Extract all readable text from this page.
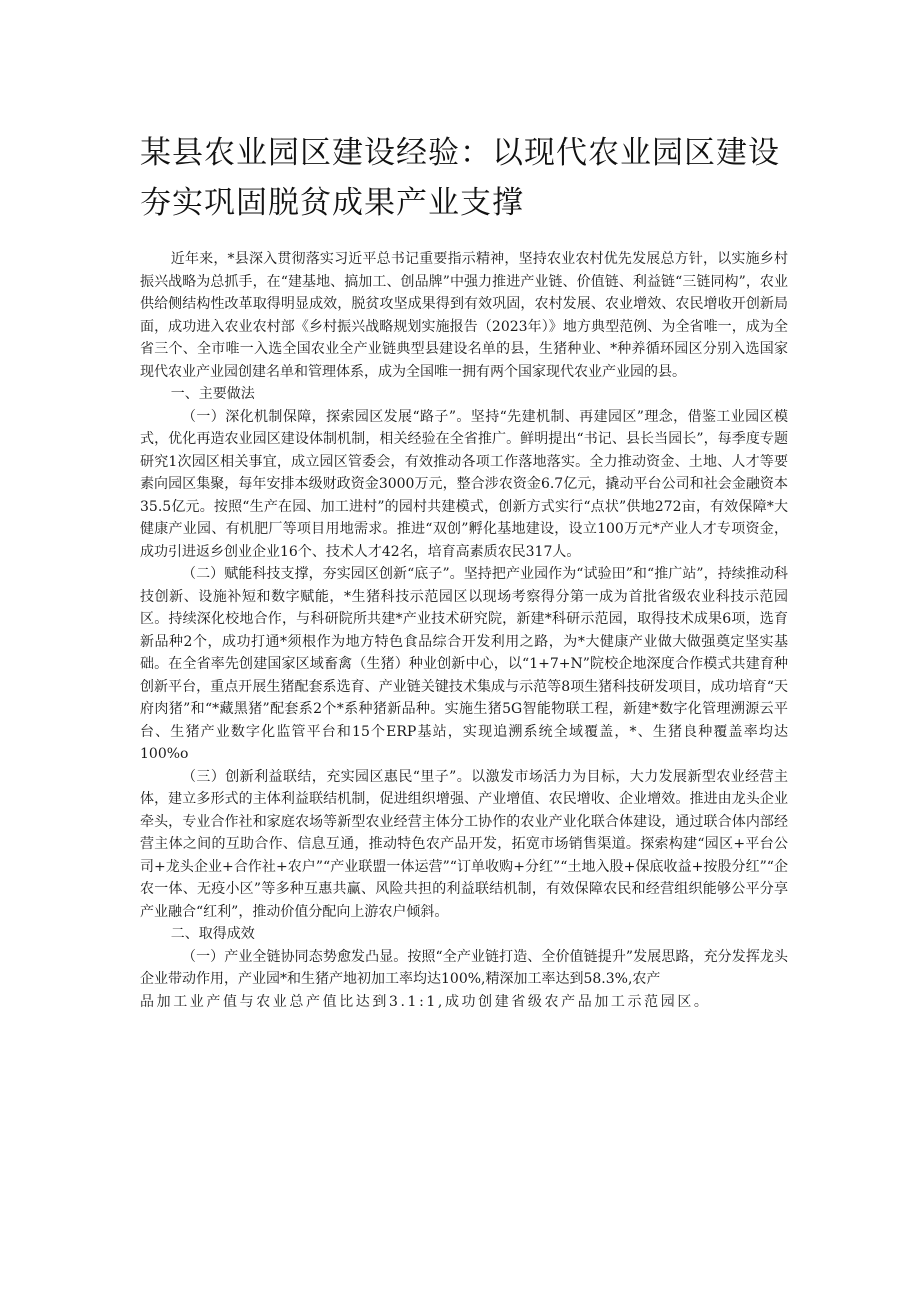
某县农业园区建设经验：以现代农业园区建设夯实巩固脱贫成果产业支撑

近年来，*县深入贯彻落实习近平总书记重要指示精神，坚持农业农村优先发展总方针，以实施乡村振兴战略为总抓手，在“建基地、搞加工、创品牌”中强力推进产业链、价值链、利益链“三链同构”，农业供给侧结构性改革取得明显成效，脱贫攻坚成果得到有效巩固，农村发展、农业增效、农民增收开创新局面，成功进入农业农村部《乡村振兴战略规划实施报告（2023年）》地方典型范例、为全省唯一，成为全省三个、全市唯一入选全国农业全产业链典型县建设名单的县，生猪种业、*种养循环园区分别入选国家现代农业产业园创建名单和管理体系，成为全国唯一拥有两个国家现代农业产业园的县。

一、主要做法

（一）深化机制保障，探索园区发展“路子”。坚持“先建机制、再建园区”理念，借鉴工业园区模式，优化再造农业园区建设体制机制，相关经验在全省推广。鲜明提出“书记、县长当园长”，每季度专题研究1次园区相关事宜，成立园区管委会，有效推动各项工作落地落实。全力推动资金、土地、人才等要素向园区集聚，每年安排本级财政资金3000万元，整合涉农资金6.7亿元，撬动平台公司和社会金融资本35.5亿元。按照“生产在园、加工进村”的园村共建模式，创新方式实行“点状”供地272亩，有效保障*大健康产业园、有机肥厂等项目用地需求。推进“双创”孵化基地建设，设立100万元*产业人才专项资金，成功引进返乡创业企业16个、技术人才42名，培育高素质农民317人。

（二）赋能科技支撑，夯实园区创新“底子”。坚持把产业园作为“试验田”和“推广站”，持续推动科技创新、设施补短和数字赋能，*生猪科技示范园区以现场考察得分第一成为首批省级农业科技示范园区。持续深化校地合作，与科研院所共建*产业技术研究院，新建*科研示范园，取得技术成果6项，选育新品种2个，成功打通*须根作为地方特色食品综合开发利用之路，为*大健康产业做大做强奠定坚实基础。在全省率先创建国家区域畜禽（生猪）种业创新中心，以“1+7+N”院校企地深度合作模式共建育种创新平台，重点开展生猪配套系选育、产业链关键技术集成与示范等8项生猪科技研发项目，成功培育“天府肉猪”和“*藏黑猪”配套系2个*系种猪新品种。实施生猪5G智能物联工程，新建*数字化管理溯源云平台、生猪产业数字化监管平台和15个ERP基站，实现追溯系统全域覆盖，*、生猪良种覆盖率均达100%o

（三）创新利益联结，充实园区惠民“里子”。以激发市场活力为目标，大力发展新型农业经营主体，建立多形式的主体利益联结机制，促进组织增强、产业增值、农民增收、企业增效。推进由龙头企业牵头，专业合作社和家庭农场等新型农业经营主体分工协作的农业产业化联合体建设，通过联合体内部经营主体之间的互助合作、信息互通，推动特色农产品开发，拓宽市场销售渠道。探索构建“园区+平台公司+龙头企业+合作社+农户”“产业联盟一体运营”“订单收购+分红”“土地入股+保底收益+按股分红”“企农一体、无疫小区”等多种互惠共赢、风险共担的利益联结机制，有效保障农民和经营组织能够公平分享产业融合“红利”，推动价值分配向上游农户倾斜。

二、取得成效

（一）产业全链协同态势愈发凸显。按照“全产业链打造、全价值链提升”发展思路，充分发挥龙头企业带动作用，产业园*和生猪产地初加工率均达100%,精深加工率达到58.3%,农产

品加工业产值与农业总产值比达到3.1:1,成功创建省级农产品加工示范园区。
